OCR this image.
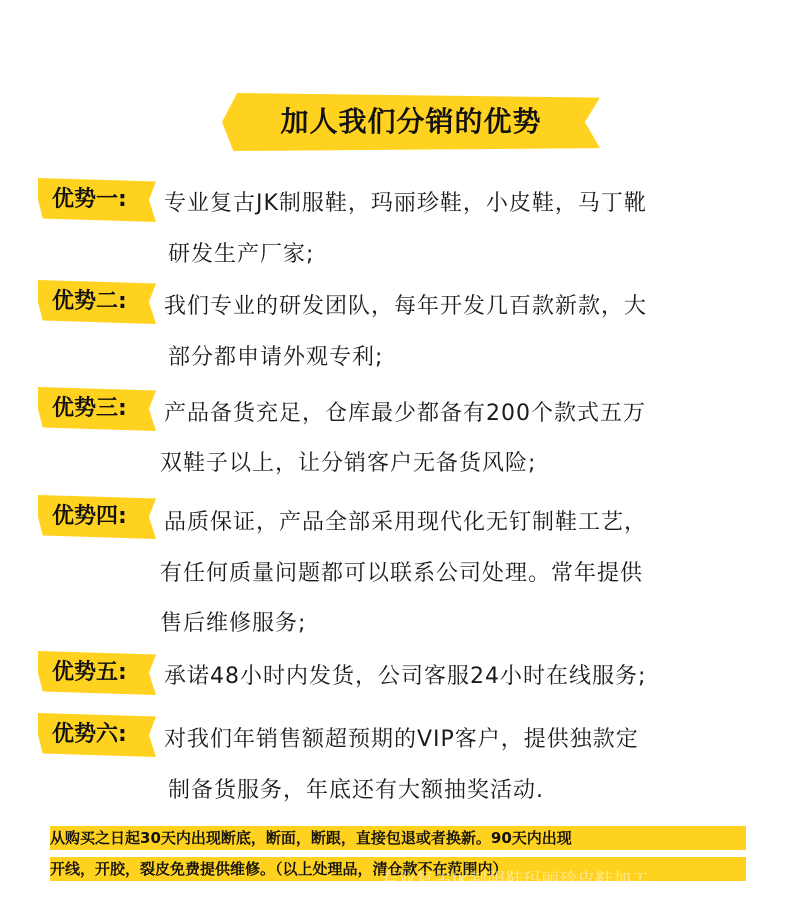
加人我们分销的优势
优势一:	专业复古JK制服鞋，玛丽珍鞋，小皮鞋，马丁靴
研发生产厂家;
优势二:	我们专业的研发团队，每年开发几百款新款，大
部分都申请外观专利;
优势三:	产品备货充足，仓库最少都备有200个款式五万
双鞋子以上，让分销客户无备货风险;
优势四:	品质保证，产品全部采用现代化无钉制鞋工艺，
有任何质量问题都可以联系公司处理。常年提供
售后维修服务;
优势五:	承诺48小时内发货，公司客服24小时在线服务;
优势六:	对我们年销售额超预期的VIP客户，提供独款定
制备货服务，年底还有大额抽奖活动.
从购买之日起30天内出现断底，断面，断跟，直接包退或者换新。90天内出现
开线，开胶，裂皮免费提供维修。（以上处理品，清仓款不在范围内）
专业复古JK制服鞋玛丽珍皮鞋加工
